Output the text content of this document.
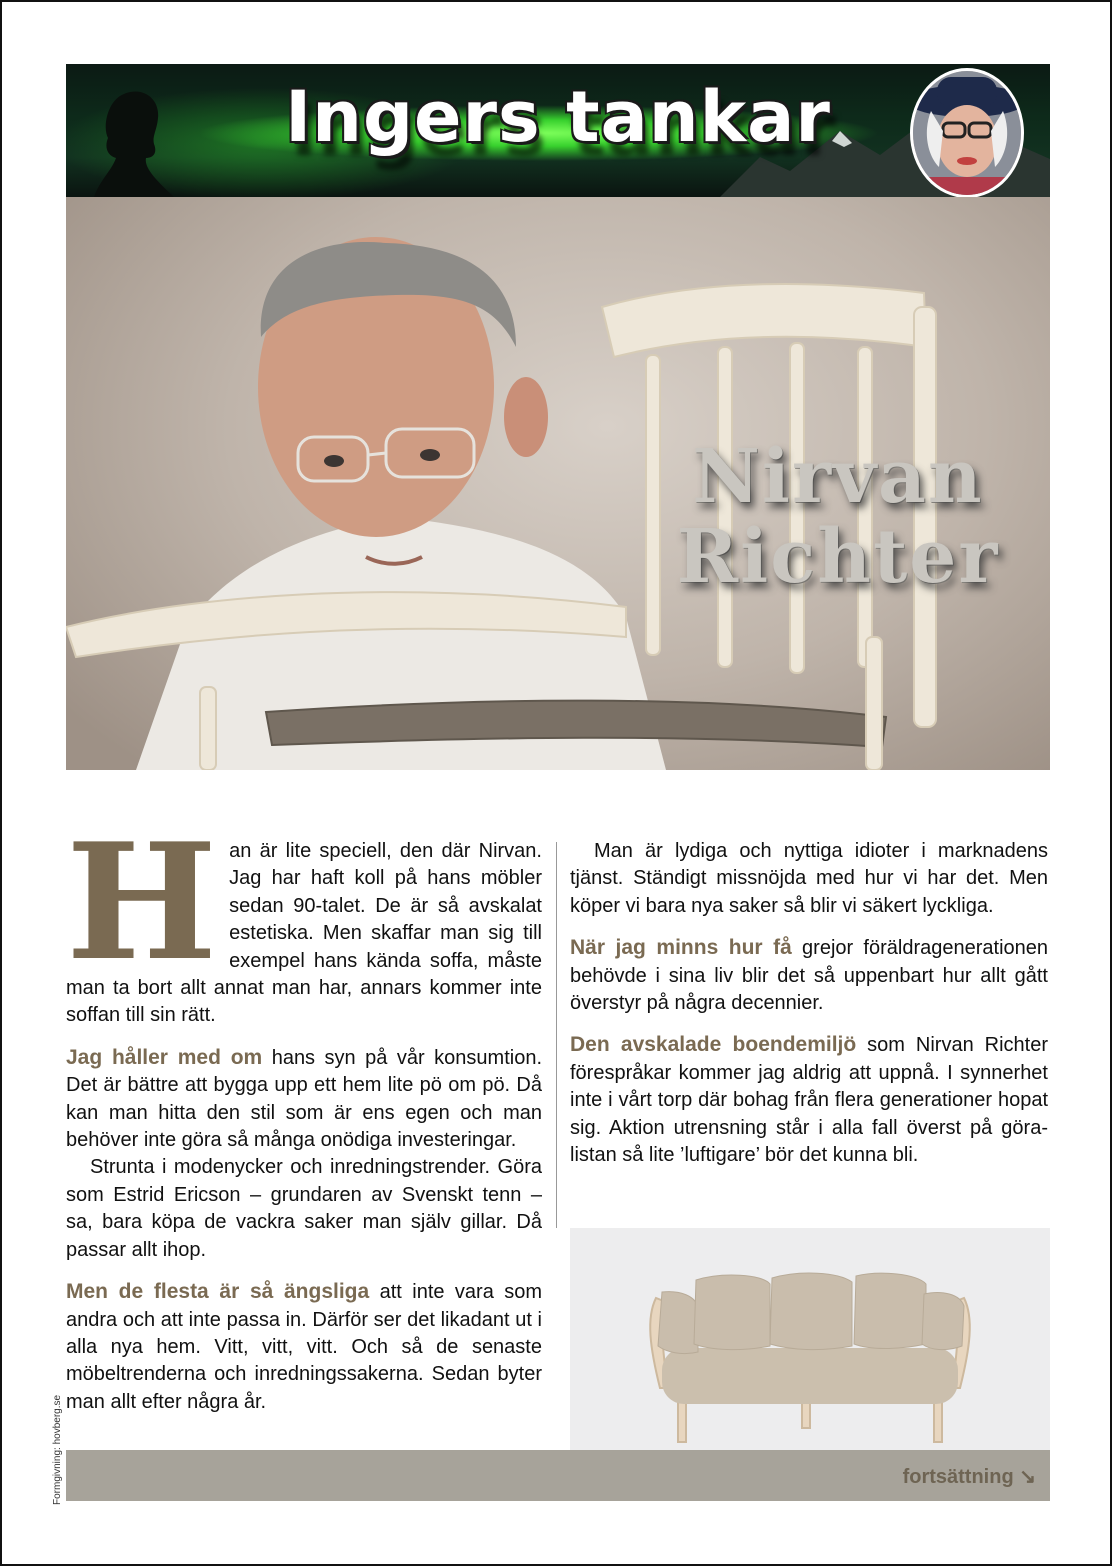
Ingers tankar
Nirvan
Richter

H an är lite speciell, den där Nirvan. Jag har haft koll på hans möbler sedan 90-talet. De är så avskalat estetiska. Men skaffar man sig till exempel hans kända soffa, måste man ta bort allt annat man har, annars kommer inte soffan till sin rätt.

Jag håller med om hans syn på vår konsumtion. Det är bättre att bygga upp ett hem lite pö om pö. Då kan man hitta den stil som är ens egen och man behöver inte göra så många onödiga investeringar.

Strunta i modenycker och inredningstrender. Göra som Estrid Ericson – grundaren av Svenskt tenn – sa, bara köpa de vackra saker man själv gillar. Då passar allt ihop.

Men de flesta är så ängsliga att inte vara som andra och att inte passa in. Därför ser det likadant ut i alla nya hem. Vitt, vitt, vitt. Och så de senaste möbeltrenderna och inredningssakerna. Sedan byter man allt efter några år.

Man är lydiga och nyttiga idioter i marknadens tjänst. Ständigt missnöjda med hur vi har det. Men köper vi bara nya saker så blir vi säkert lyckliga.

När jag minns hur få grejor föräldragenerationen behövde i sina liv blir det så uppenbart hur allt gått överstyr på några decennier.

Den avskalade boendemiljö som Nirvan Richter förespråkar kommer jag aldrig att uppnå. I synnerhet inte i vårt torp där bohag från flera generationer hopat sig. Aktion utrensning står i alla fall överst på göra-listan så lite ’luftigare’ bör det kunna bli.

fortsättning ↘
Formgivning: hovberg.se
